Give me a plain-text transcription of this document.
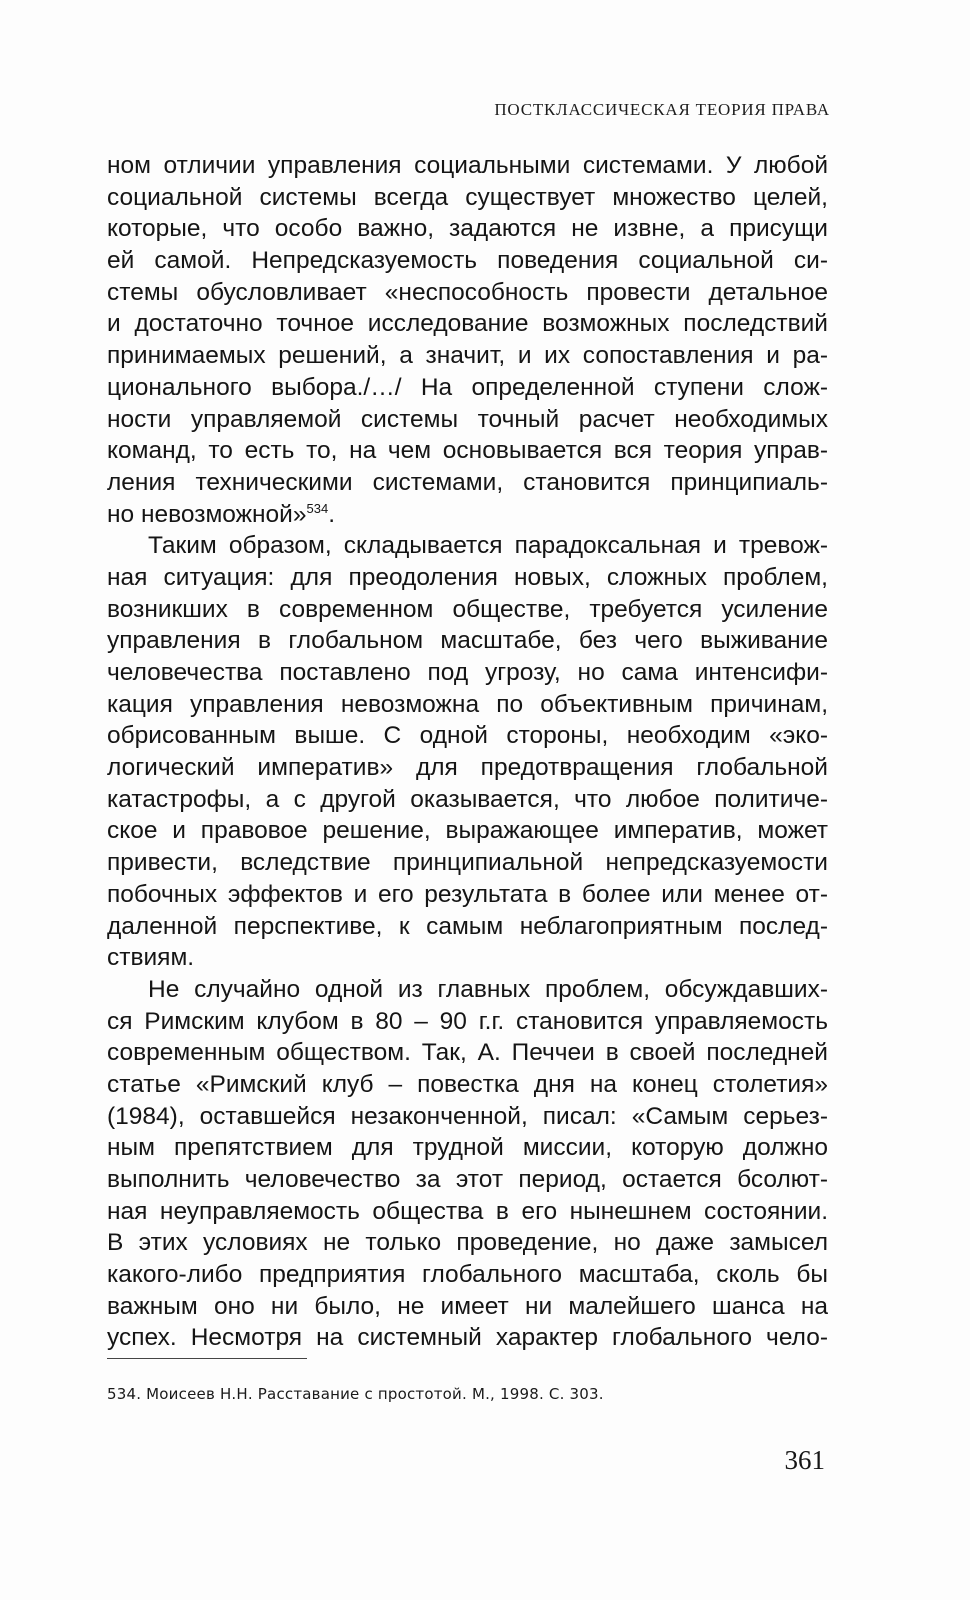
ПОСТКЛАССИЧЕСКАЯ ТЕОРИЯ ПРАВА
ном отличии управления социальными системами. У любой
социальной системы всегда существует множество целей,
которые, что особо важно, задаются не извне, а присущи
ей самой. Непредсказуемость поведения социальной си-
стемы обусловливает «неспособность провести детальное
и достаточно точное исследование возможных последствий
принимаемых решений, а значит, и их сопоставления и ра-
ционального выбора./…/ На определенной ступени слож-
ности управляемой системы точный расчет необходимых
команд, то есть то, на чем основывается вся теория управ-
ления техническими системами, становится принципиаль-
но невозможной»$^{534}$.
Таким образом, складывается парадоксальная и тревож-
ная ситуация: для преодоления новых, сложных проблем,
возникших в современном обществе, требуется усиление
управления в глобальном масштабе, без чего выживание
человечества поставлено под угрозу, но сама интенсифи-
кация управления невозможна по объективным причинам,
обрисованным выше. С одной стороны, необходим «эко-
логический императив» для предотвращения глобальной
катастрофы, а с другой оказывается, что любое политиче-
ское и правовое решение, выражающее императив, может
привести, вследствие принципиальной непредсказуемости
побочных эффектов и его результата в более или менее от-
даленной перспективе, к самым неблагоприятным послед-
ствиям.
Не случайно одной из главных проблем, обсуждавших-
ся Римским клубом в 80 – 90 г.г. становится управляемость
современным обществом. Так, А. Печчеи в своей последней
статье «Римский клуб – повестка дня на конец столетия»
(1984), оставшейся незаконченной, писал: «Самым серьез-
ным препятствием для трудной миссии, которую должно
выполнить человечество за этот период, остается бсолют-
ная неуправляемость общества в его нынешнем состоянии.
В этих условиях не только проведение, но даже замысел
какого-либо предприятия глобального масштаба, сколь бы
важным оно ни было, не имеет ни малейшего шанса на
успех. Несмотря на системный характер глобального чело-
534. Моисеев Н.Н. Расставание с простотой. М., 1998. С. 303.
361
